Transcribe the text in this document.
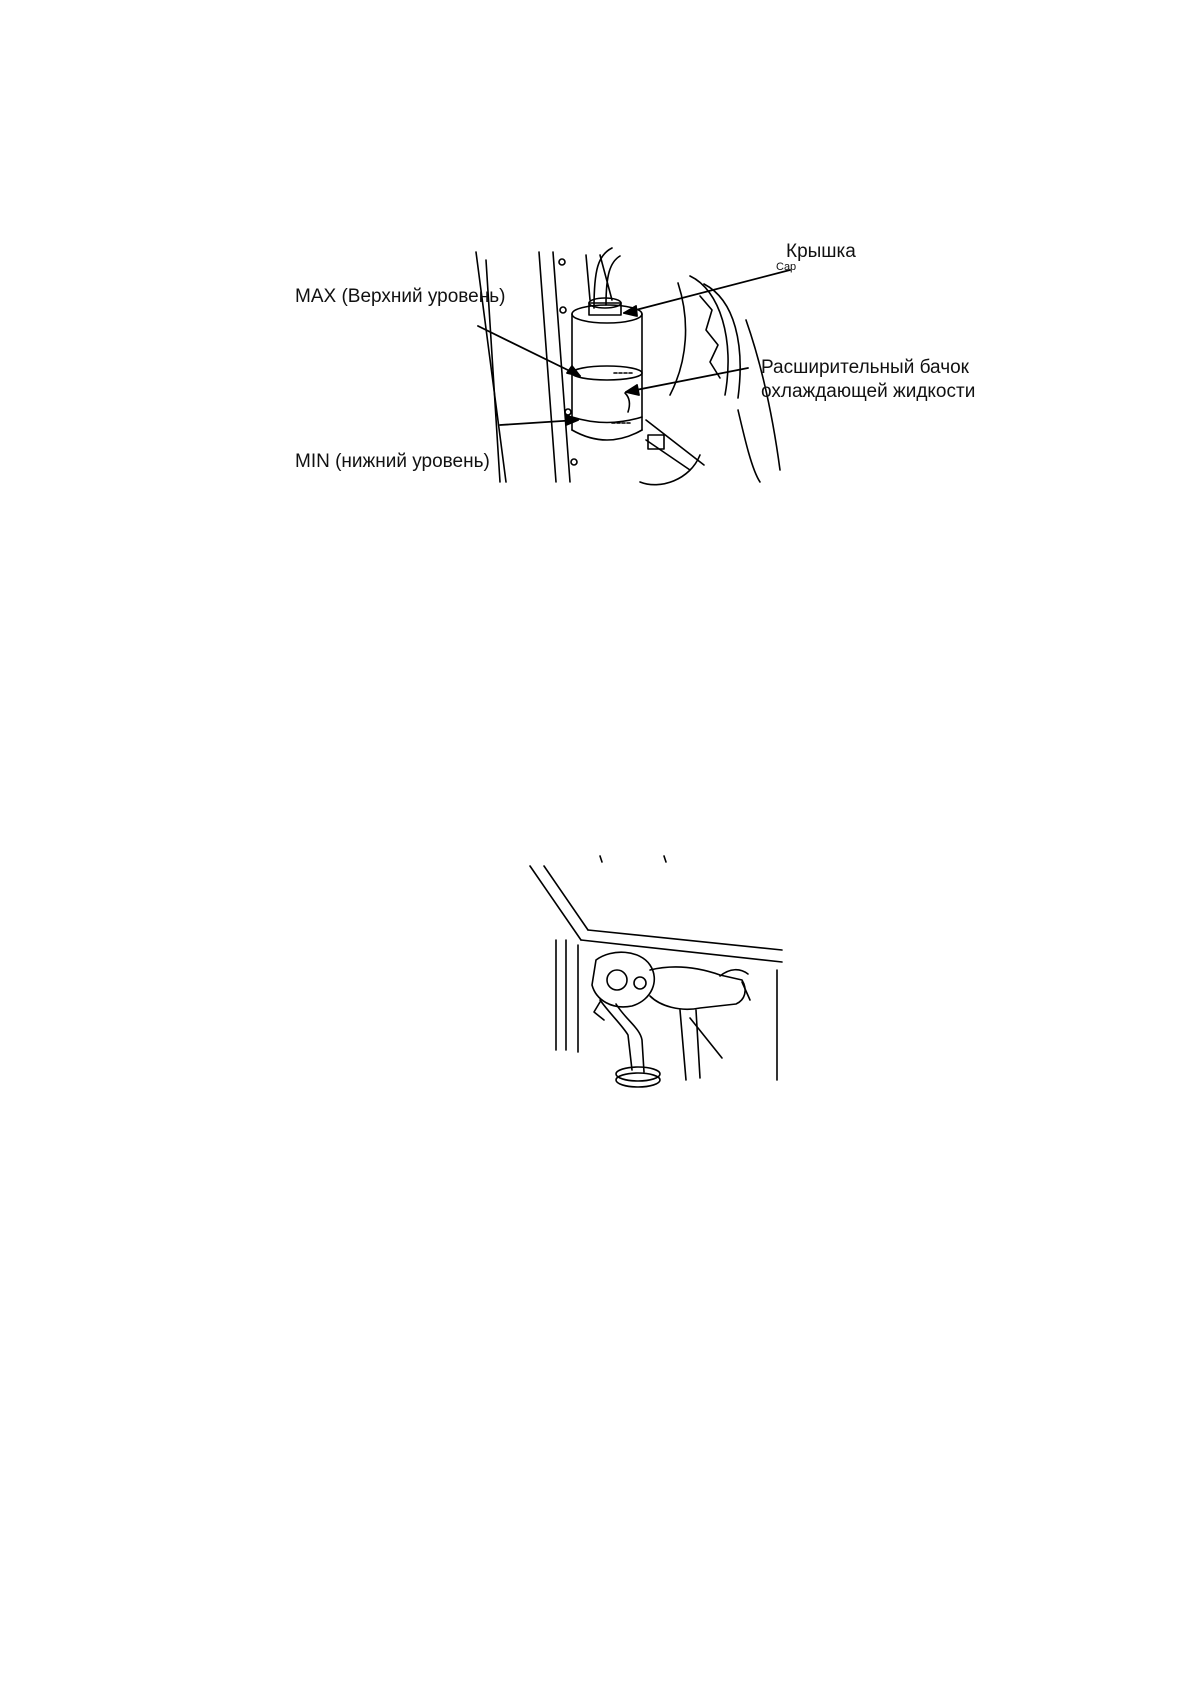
Крышка
Cap
MAX (Верхний уровень)
MIN (нижний уровень)
Расширительный бачок
охлаждающей жидкости
